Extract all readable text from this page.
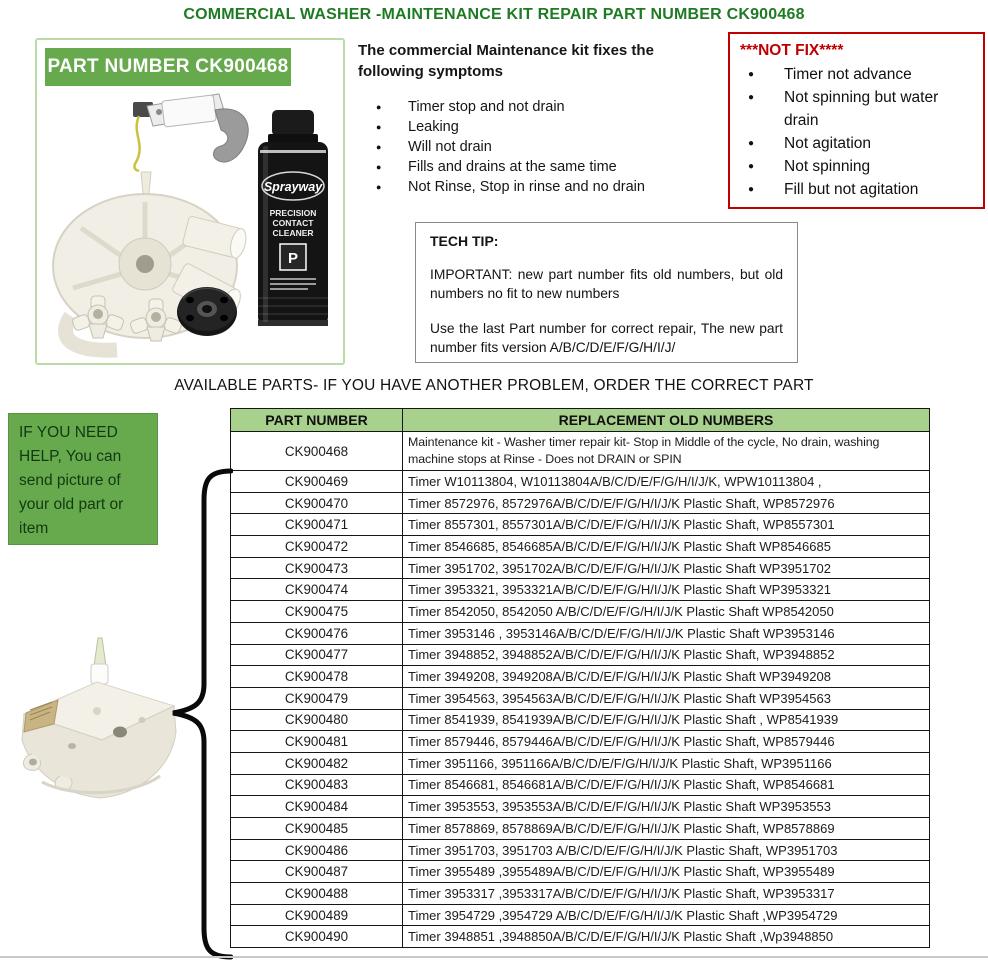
COMMERCIAL WASHER -MAINTENANCE KIT REPAIR PART NUMBER CK900468
Sprayway
PRECISION
CONTACT
CLEANER
P
PART NUMBER CK900468
The commercial Maintenance kit fixes the following symptoms
●	Timer stop and not drain
●	Leaking
●	Will not drain
●	Fills and drains at the same time
●	Not Rinse, Stop in rinse and no drain
***NOT FIX****
●	Timer not advance
●	Not spinning but water drain
●	Not agitation
●	Not spinning
●	Fill but not agitation
TECH TIP:

IMPORTANT: new part number fits old numbers, but old numbers no fit to new numbers

Use the last Part number for correct repair, The new part number fits version A/B/C/D/E/F/G/H/I/J/

AVAILABLE PARTS- IF YOU HAVE ANOTHER PROBLEM, ORDER THE CORRECT PART
IF YOU NEED HELP, You can send picture of your old part or item
PART NUMBER	REPLACEMENT OLD NUMBERS
CK900468	Maintenance kit - Washer timer repair kit- Stop in Middle of the cycle, No drain, washing machine stops at Rinse - Does not DRAIN or SPIN
CK900469	Timer W10113804, W10113804A/B/C/D/E/F/G/H/I/J/K, WPW10113804 ,
CK900470	Timer 8572976, 8572976A/B/C/D/E/F/G/H/I/J/K Plastic Shaft, WP8572976
CK900471	Timer 8557301, 8557301A/B/C/D/E/F/G/H/I/J/K Plastic Shaft, WP8557301
CK900472	Timer 8546685, 8546685A/B/C/D/E/F/G/H/I/J/K Plastic Shaft WP8546685
CK900473	Timer 3951702, 3951702A/B/C/D/E/F/G/H/I/J/K Plastic Shaft WP3951702
CK900474	Timer 3953321, 3953321A/B/C/D/E/F/G/H/I/J/K Plastic Shaft WP3953321
CK900475	Timer 8542050, 8542050 A/B/C/D/E/F/G/H/I/J/K Plastic Shaft WP8542050
CK900476	Timer 3953146 , 3953146A/B/C/D/E/F/G/H/I/J/K Plastic Shaft WP3953146
CK900477	Timer 3948852, 3948852A/B/C/D/E/F/G/H/I/J/K Plastic Shaft, WP3948852
CK900478	Timer 3949208, 3949208A/B/C/D/E/F/G/H/I/J/K Plastic Shaft WP3949208
CK900479	Timer 3954563, 3954563A/B/C/D/E/F/G/H/I/J/K Plastic Shaft WP3954563
CK900480	Timer 8541939, 8541939A/B/C/D/E/F/G/H/I/J/K Plastic Shaft , WP8541939
CK900481	Timer 8579446, 8579446A/B/C/D/E/F/G/H/I/J/K Plastic Shaft, WP8579446
CK900482	Timer 3951166, 3951166A/B/C/D/E/F/G/H/I/J/K Plastic Shaft, WP3951166
CK900483	Timer 8546681, 8546681A/B/C/D/E/F/G/H/I/J/K Plastic Shaft, WP8546681
CK900484	Timer 3953553, 3953553A/B/C/D/E/F/G/H/I/J/K Plastic Shaft WP3953553
CK900485	Timer 8578869, 8578869A/B/C/D/E/F/G/H/I/J/K Plastic Shaft, WP8578869
CK900486	Timer 3951703, 3951703 A/B/C/D/E/F/G/H/I/J/K Plastic Shaft, WP3951703
CK900487	Timer 3955489 ,3955489A/B/C/D/E/F/G/H/I/J/K Plastic Shaft, WP3955489
CK900488	Timer 3953317 ,3953317A/B/C/D/E/F/G/H/I/J/K Plastic Shaft, WP3953317
CK900489	Timer 3954729 ,3954729 A/B/C/D/E/F/G/H/I/J/K Plastic Shaft ,WP3954729
CK900490	Timer 3948851 ,3948850A/B/C/D/E/F/G/H/I/J/K Plastic Shaft ,Wp3948850
